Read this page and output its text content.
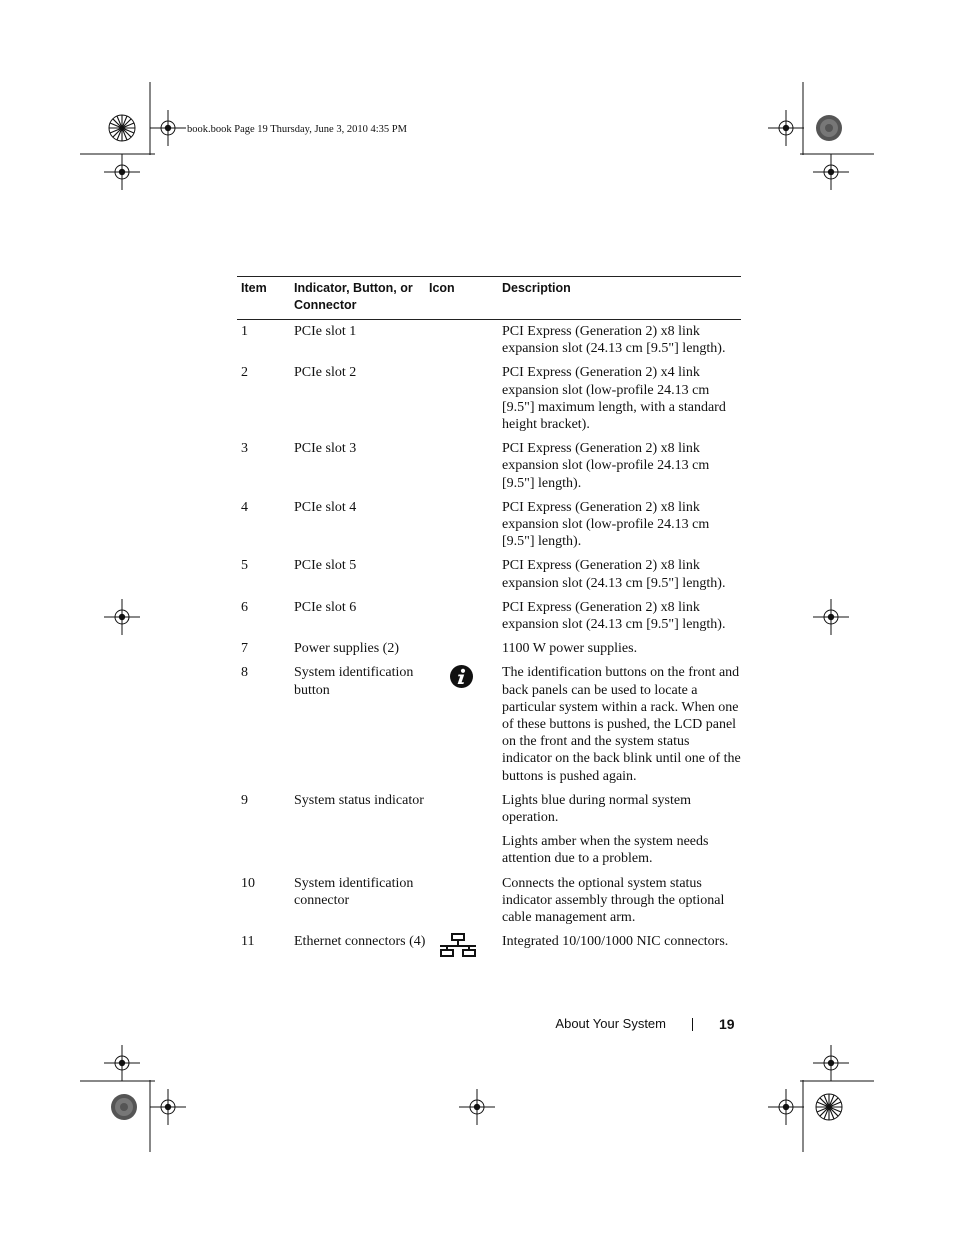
book.book Page 19 Thursday, June 3, 2010 4:35 PM
Item	Indicator, Button, or Connector	Icon	Description
1	PCIe slot 1		PCI Express (Generation 2) x8 link expansion slot (24.13 cm [9.5"] length).

2	PCIe slot 2		PCI Express (Generation 2) x4 link expansion slot (low-profile 24.13 cm [9.5"] maximum length, with a standard height bracket).

3	PCIe slot 3		PCI Express (Generation 2) x8 link expansion slot (low-profile 24.13 cm [9.5"] length).

4	PCIe slot 4		PCI Express (Generation 2) x8 link expansion slot (low-profile 24.13 cm [9.5"] length).

5	PCIe slot 5		PCI Express (Generation 2) x8 link expansion slot (24.13 cm [9.5"] length).

6	PCIe slot 6		PCI Express (Generation 2) x8 link expansion slot (24.13 cm [9.5"] length).

7	Power supplies (2)		1100 W power supplies.

8	System identification button		The identification buttons on the front and back panels can be used to locate a particular system within a rack. When one of these buttons is pushed, the LCD panel on the front and the system status indicator on the back blink until one of the buttons is pushed again.

9	System status indicator		Lights blue during normal system operation.

Lights amber when the system needs attention due to a problem.

10	System identification connector		Connects the optional system status indicator assembly through the optional cable management arm.

11	Ethernet connectors (4)		Integrated 10/100/1000 NIC connectors.

About Your System	19
